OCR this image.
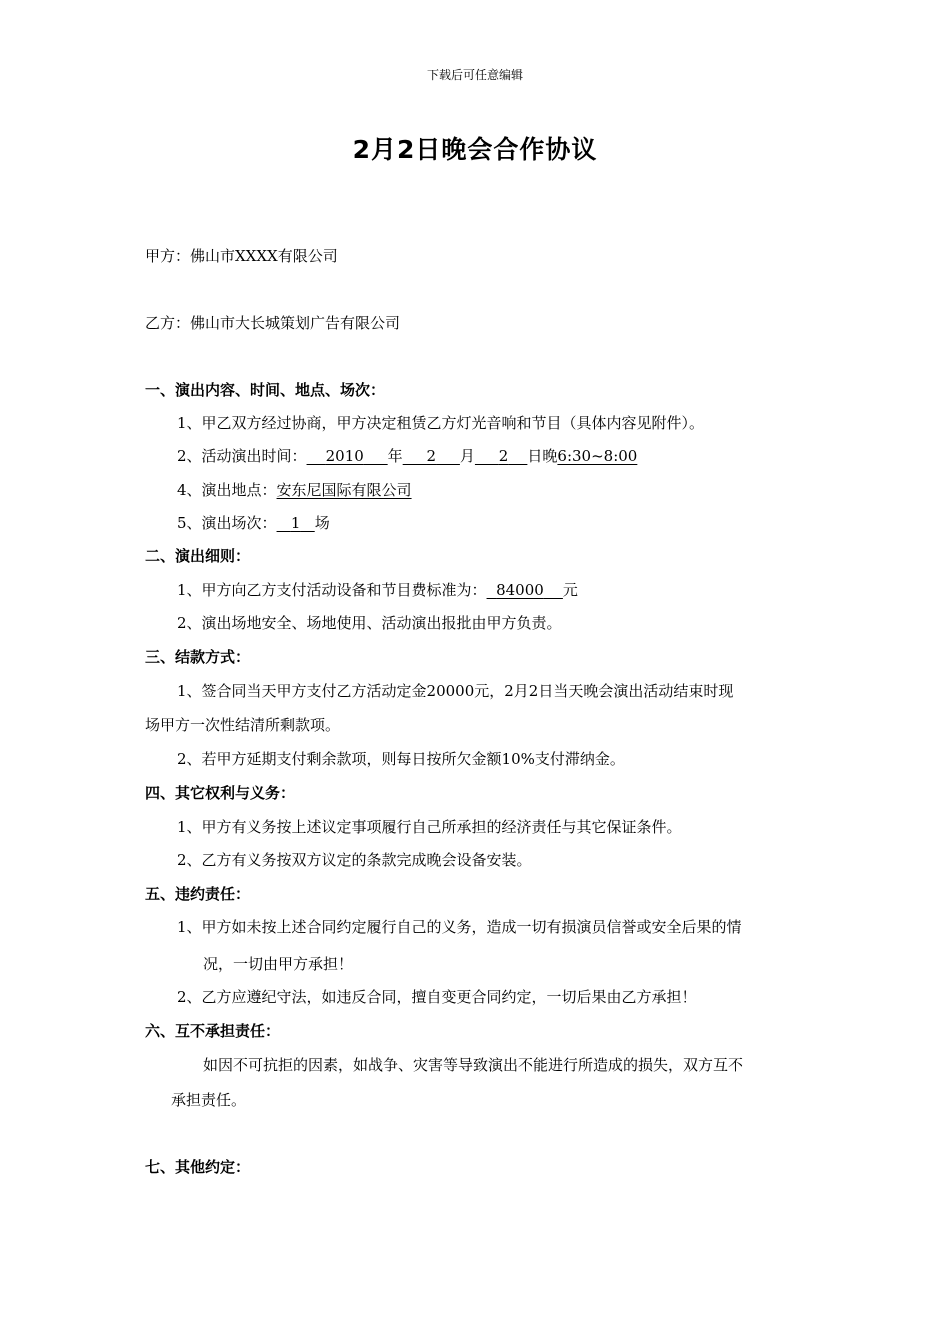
下载后可任意编辑
2月2日晚会合作协议
甲方：佛山市XXXX有限公司
乙方：佛山市大长城策划广告有限公司
一、演出内容、时间、地点、场次：
1、甲乙双方经过协商，甲方决定租赁乙方灯光音响和节目（具体内容见附件）。
2、活动演出时间： 2010 年 2 月 2 日晚6:30~8:00
4、演出地点：安东尼国际有限公司
5、演出场次： 1 场
二、演出细则：
1、甲方向乙方支付活动设备和节目费标准为： 84000 元
2、演出场地安全、场地使用、活动演出报批由甲方负责。
三、结款方式：
1、签合同当天甲方支付乙方活动定金20000元，2月2日当天晚会演出活动结束时现
场甲方一次性结清所剩款项。
2、若甲方延期支付剩余款项，则每日按所欠金额10%支付滞纳金。
四、其它权利与义务：
1、甲方有义务按上述议定事项履行自己所承担的经济责任与其它保证条件。
2、乙方有义务按双方议定的条款完成晚会设备安装。
五、违约责任：
1、甲方如未按上述合同约定履行自己的义务，造成一切有损演员信誉或安全后果的情
况，一切由甲方承担！
2、乙方应遵纪守法，如违反合同，擅自变更合同约定，一切后果由乙方承担！
六、互不承担责任：
如因不可抗拒的因素，如战争、灾害等导致演出不能进行所造成的损失，双方互不
承担责任。
七、其他约定：
